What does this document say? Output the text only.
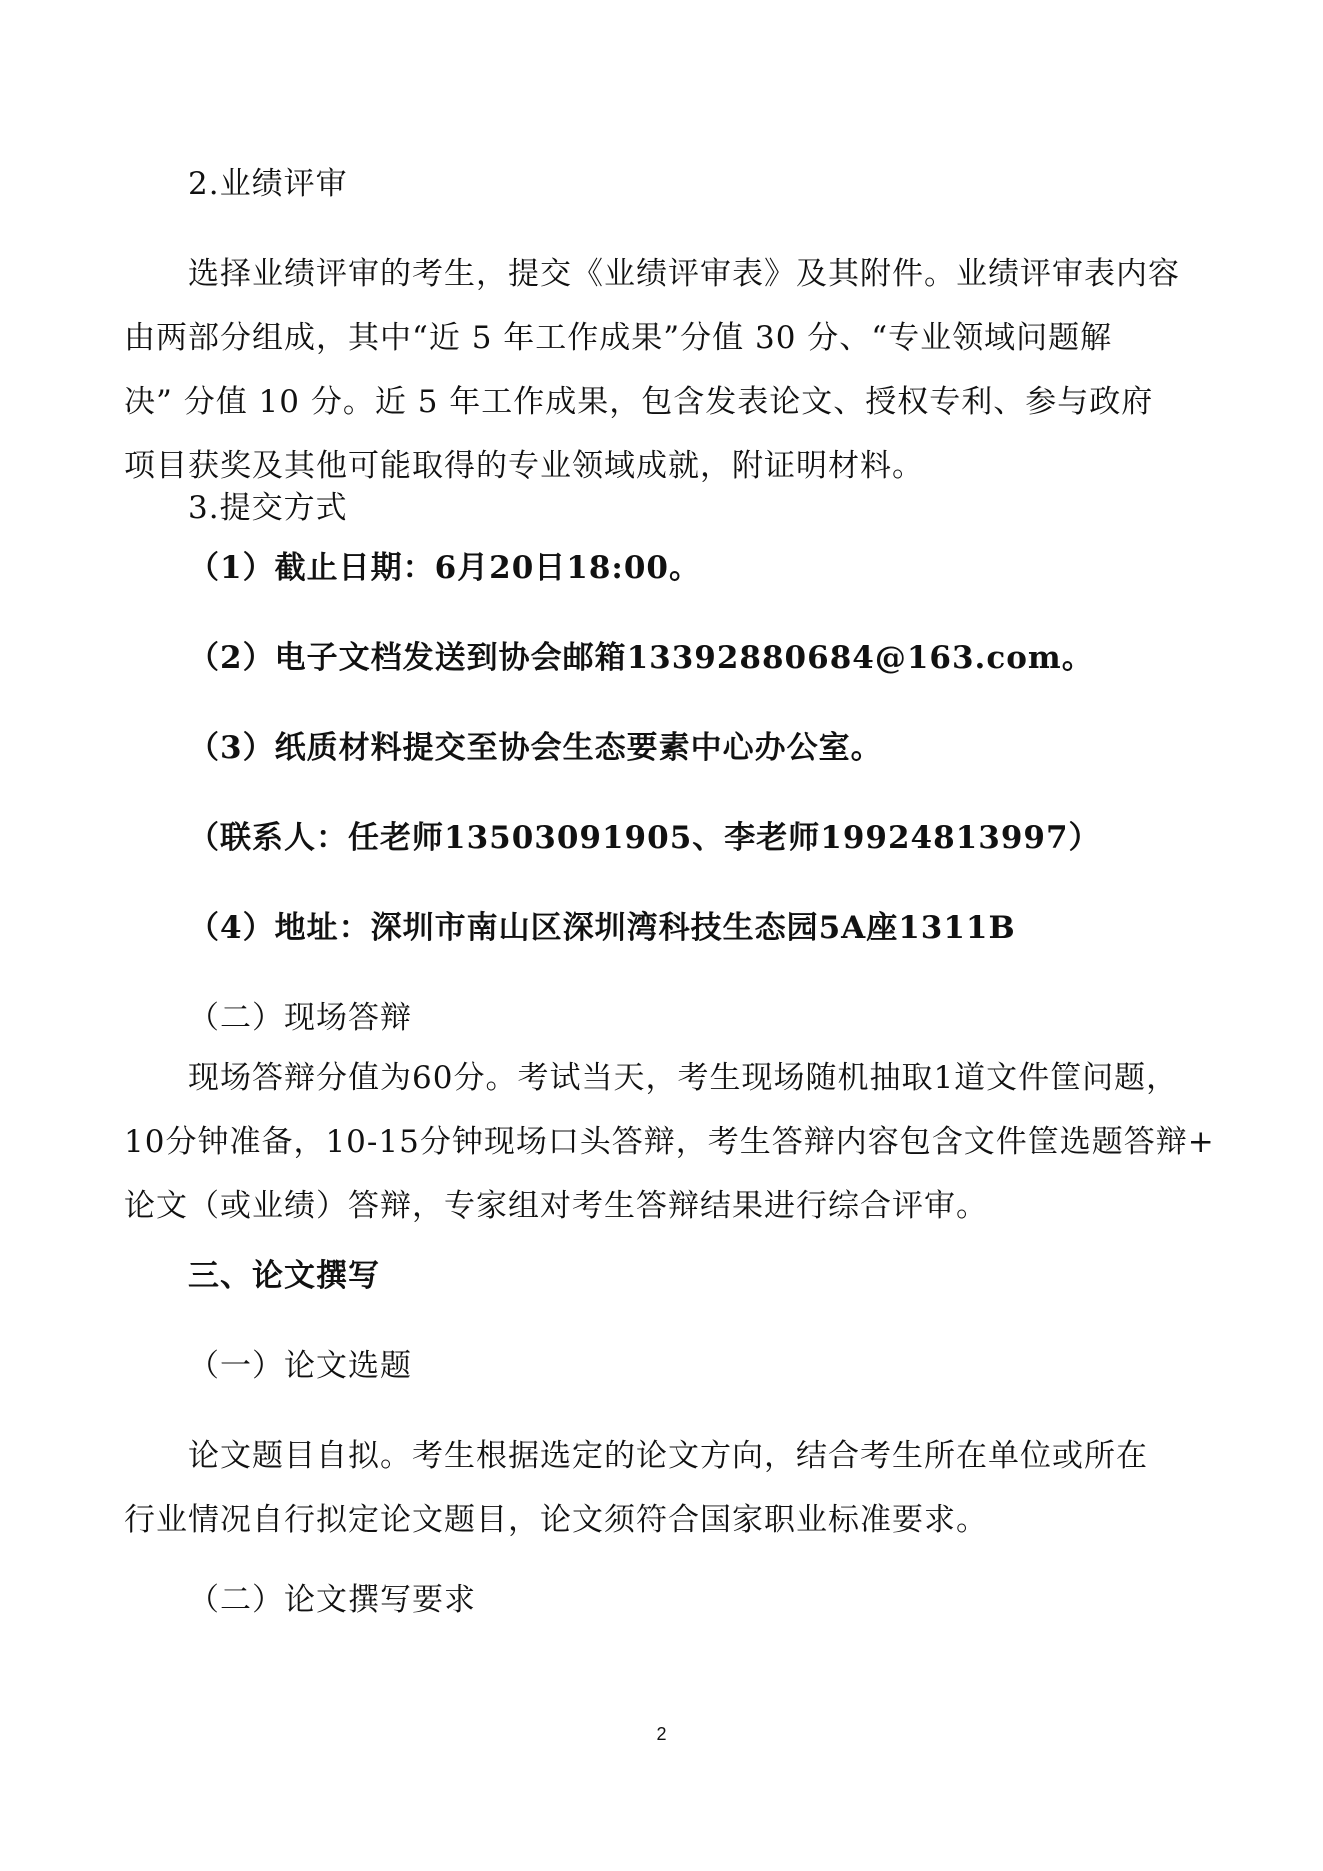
2.业绩评审
选择业绩评审的考生，提交《业绩评审表》及其附件。业绩评审表内容
由两部分组成，其中“近 5 年工作成果”分值 30 分、“专业领域问题解
决” 分值 10 分。近 5 年工作成果，包含发表论文、授权专利、参与政府
项目获奖及其他可能取得的专业领域成就，附证明材料。
3.提交方式
（1）截止日期：6月20日18:00。
（2）电子文档发送到协会邮箱13392880684@163.com。
（3）纸质材料提交至协会生态要素中心办公室。
（联系人：任老师13503091905、李老师19924813997）
（4）地址：深圳市南山区深圳湾科技生态园5A座1311B
（二）现场答辩
现场答辩分值为60分。考试当天，考生现场随机抽取1道文件筐问题，
10分钟准备，10-15分钟现场口头答辩，考生答辩内容包含文件筐选题答辩+
论文（或业绩）答辩，专家组对考生答辩结果进行综合评审。
三、论文撰写
（一）论文选题
论文题目自拟。考生根据选定的论文方向，结合考生所在单位或所在
行业情况自行拟定论文题目，论文须符合国家职业标准要求。
（二）论文撰写要求
2
